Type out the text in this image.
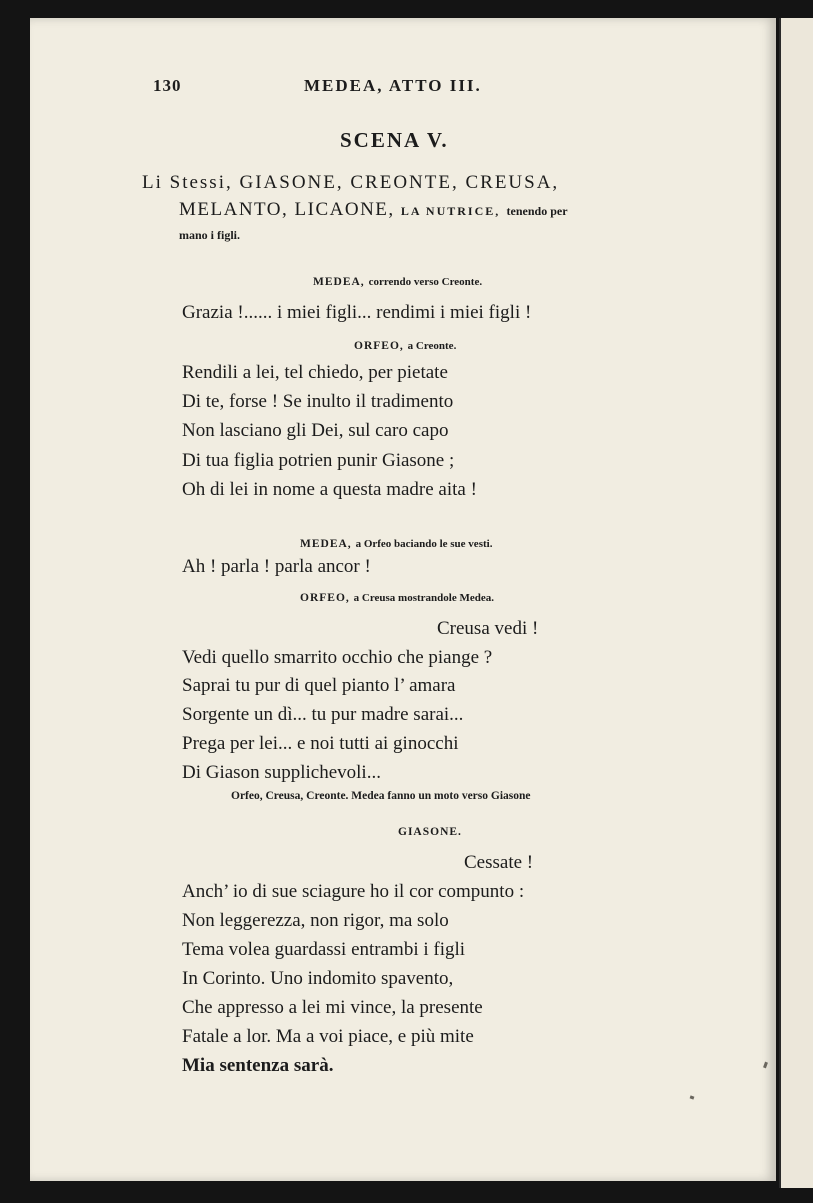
130	MEDEA, ATTO III.
SCENA V.
Li Stessi, GIASONE, CREONTE, CREUSA,
MELANTO, LICAONE, LA NUTRICE, tenendo per
mano i figli.
MEDEA, correndo verso Creonte.
Grazia !...... i miei figli... rendimi i miei figli !
ORFEO, a Creonte.
Rendili a lei, tel chiedo, per pietate
Di te, forse ! Se inulto il tradimento
Non lasciano gli Dei, sul caro capo
Di tua figlia potrien punir Giasone ;
Oh di lei in nome a questa madre aita !
MEDEA, a Orfeo baciando le sue vesti.
Ah ! parla ! parla ancor !
ORFEO, a Creusa mostrandole Medea.
Creusa vedi !
Vedi quello smarrito occhio che piange ?
Saprai tu pur di quel pianto l’ amara
Sorgente un dì... tu pur madre sarai...
Prega per lei... e noi tutti ai ginocchi
Di Giason supplichevoli...
Orfeo, Creusa, Creonte. Medea fanno un moto verso Giasone
GIASONE.
Cessate !
Anch’ io di sue sciagure ho il cor compunto :
Non leggerezza, non rigor, ma solo
Tema volea guardassi entrambi i figli
In Corinto. Uno indomito spavento,
Che appresso a lei mi vince, la presente
Fatale a lor. Ma a voi piace, e più mite
Mia sentenza sarà.
